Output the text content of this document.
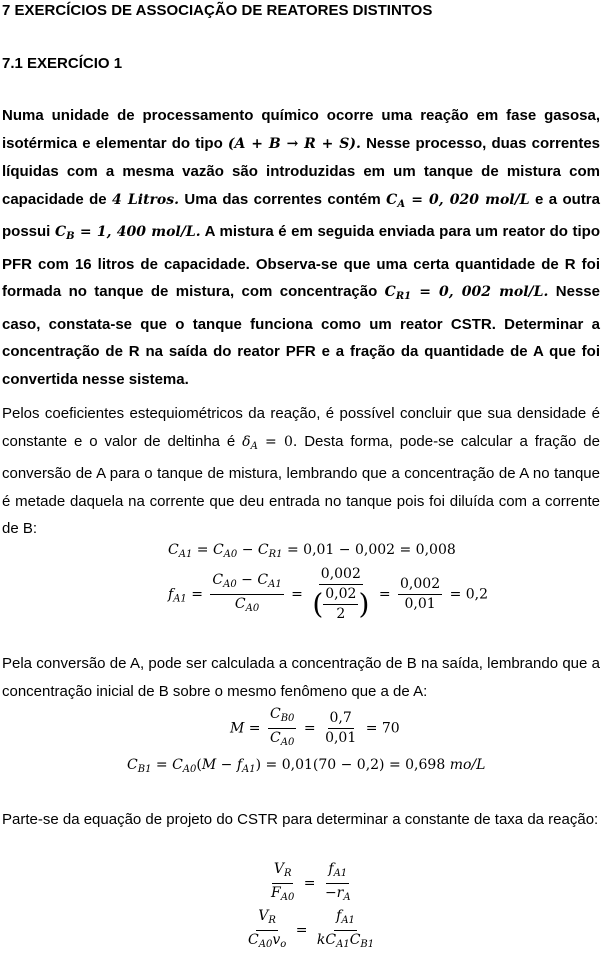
7 EXERCÍCIOS DE ASSOCIAÇÃO DE REATORES DISTINTOS
7.1 EXERCÍCIO 1
Numa unidade de processamento químico ocorre uma reação em fase gasosa, isotérmica e elementar do tipo (A + B → R + S). Nesse processo, duas correntes líquidas com a mesma vazão são introduzidas em um tanque de mistura com capacidade de 4 Litros. Uma das correntes contém $C_A = 0$, 020 mol/L e a outra possui $C_B = 1$, 400 mol/L. A mistura é em seguida enviada para um reator do tipo PFR com 16 litros de capacidade. Observa-se que uma certa quantidade de R foi formada no tanque de mistura, com concentração $C_{R1} = 0$, 002 mol/L. Nesse caso, constata-se que o tanque funciona como um reator CSTR. Determinar a concentração de R na saída do reator PFR e a fração da quantidade de A que foi convertida nesse sistema.
Pelos coeficientes estequiométricos da reação, é possível concluir que sua densidade é constante e o valor de deltinha é $\delta_A = 0$. Desta forma, pode-se calcular a fração de conversão de A para o tanque de mistura, lembrando que a concentração de A no tanque é metade daquela na corrente que deu entrada no tanque pois foi diluída com a corrente de B:
$C_{A1} = C_{A0} - C_{R1} = 0,01 - 0,002 = 0,008$
$f_{A1} = \frac{C_{A0} - C_{A1}}{C_{A0}} = \frac{0,002}{( \frac{0,02}{2} )} = \frac{0,002}{0,01} = 0,2$
Pela conversão de A, pode ser calculada a concentração de B na saída, lembrando que a concentração inicial de B sobre o mesmo fenômeno que a de A:
$M = \frac{C_{B0}}{C_{A0}} = \frac{0,7}{0,01} = 70$
$C_{B1} = C_{A0}(M - f_{A1}) = 0,01(70 - 0,2) = 0,698$ mo/L
Parte-se da equação de projeto do CSTR para determinar a constante de taxa da reação:
$\frac{V_R}{F_{A0}} = \frac{f_{A1}}{-r_A}$
$\frac{V_R}{C_{A0}v_o} = \frac{f_{A1}}{kC_{A1}C_{B1}}$
